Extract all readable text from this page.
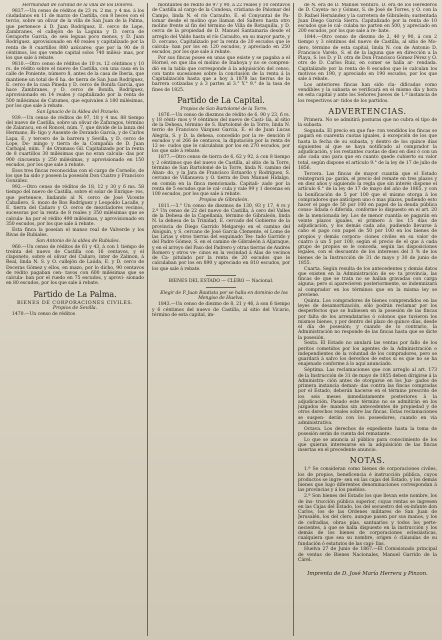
Hermandad de caridad de la villa de los Dolores.

9837.—Un censo de réditos de 23 rs. 2 ms. y 4 ms. á los ciudadanos en 11 de marzo de Castilla, con 8 heces con el tercio, sobre un olivar de la villa de San Juan de la Palma, que pertenece á D. Juan Rodríguez, E. cerco de Lepe, Zambranes, el callejón de la Laguna y D. cerca de Geraporte García, de seis leguas poco menos, y D. Juan Rodríguez, aprovisionado en 40 reales y capitalizado por la renta de 8 cuartillos 880 azúcares; que por la 90 de 8 céntimos, los que vende capital solos 740 milési- mas, por los que sale á rebate.

9810.—Otro censo de réditos de 10 rs. 12 céntimos y 10 rs. de rédito sobre el nuevo de Castilla, con una casa en la calle de Poniente, número 8, antes de la casa de Iberia, que mantiene un total de 6 ha. de tierra de San Juan Rodríguez, E. cerco de la casa Pineda y D. cerco de Bonifa García, que hace Zambranes, y D. cerco de Bonifa, Rodríguez, aprovisionado en 14 reales y capitalizado por la renta de 500 milésimas de Catumes, que equivalen á 180 milésimas, por los que sale á rebate.

San Ignacio de la Aldea del Pozuelo.

939.—Un censo de réditos de 97, 18 y 4 ms. 88 tiempo del nuevo de Castilla, sobre un olivar de Zafaragos, término de Zalaracu, en el Roncel, núm. 7, que divide de la lanza del Hermano, Bi- tigo y Ausente de Dorando García, y de Carlos Lapa, E. y tercero de la barrera y Sevilla, y D. cerco de Lope, Do- mingo y tierra de la Compañía de D. Juan Carbajal, núm. 7 de Oramaso Gil. Capitalizado por la renta de 8 cuartillos 30 milésimas que no eran calcula- das por 900 cincuenta y 250 milésimas, y aprovisionado en 150 escudos, por los que sale á rebate.

Esos tres fincas reconocidas con el cargo de Cornelio, de los que ha sido y poseen la posesión Don Cuatro y Francisco González.

992.—Otro censo de réditos de 18, 12 y 30 y 6 ms. 58 tiempo del nuevo de Castilla, sobre el solar de Enrique- ros, que pertenece, lindando al N. cerco de José Vicente Caballero, S. mozo de Ros Rodríguez y Leopoldo Lacalle, y E. tierra del Cañaro y O. cerco de mezcladores vecinos, sucesoras por la renta de 8 reales y 350 milésimas que se calcula- ba por el rédito 490 milésimas, y aprovisionado en 350 escudos, por los que sale á rebate.

Esta finca la poseían el manso real de Valverde y los Rivas de Rubiales.

San Antonio de la aldea de Rubiales.

960.—Un censo de réditos de 61 y 43, á con 1 tiempo de treinta del nuevo de Castilla con 16 centavos, y el claponeto, sobre el olivar del Cañaro, inter de Zalmon, á Real, linda N. S. y O. callejón de Laúda, E. y D. cerco de Doceras Gómez y ellos, en mazo, por lo dicho, 90 centavos de rédito pagaban cen- tavos con 600 milésimas que se calcula- ban por el ruedo en 75 escudos, y aprovi- sionado en 80 escudos, por los que sale á rebate.

Partido de La Palma.
BIENES DE CORPORACIONES CIVILES.
Propios de Sevilla.

1470.—Un censo de réditos

montantes de rédito de 97 y 90, á 22 reales y 10 centavos de Castilla al cargo de la Condesa, cristiana de Palomar del Campo, linda N. el río Caraulto, E. el Conyuntal de Pa- lomar desde el molino que llaman del Saltero hasta otro molino frente al fin del término de Villa de Rotaquilla, y D. cerca de la propiedad de D. Manuel Santamaria desde el arreglo del Valdo hasta el río Caraulto, en su mayor parte, y D. cercano, Capitalizado por la renta de 20 escudos que le calcula- ban por los en 120 escudos, y apreciado en 250 escudos, por los que sale á rebate.

Por sus fincas posee en unas que existe y se pagaba a el Hornel, en que iba el molino de Inahoya y no se compren- dió en la tabla que corresponde á la adquisición del censo, con tanto sucesiones sobre la conclusión de la renta á la Capitalización hasta que a hoy á 1878 las tierras de la barrera cotizadas y á 3 partes al 3.° Y.° 9.° de la tasa de fines de 1825.

Partido de La Capital.

Propios de San Bartolomé de la Torre.

1876.—Un censo de diezmos de rédito de 6, 90 y 23, 6 rs. y 18 cénti- mos y 9 céntimos del nuevo de Casti- lla, al sitio de la Dehesa, término de S. Bartolomé de la Torre, linda N. terrio de Francisco Vázquez García, E. el de Juan Lucas Alegría, S. y D. la dehesa, concedido por la re- dención 8 escudos y el 266 de centavos, la diputación por la renta de 12 es- cudos que le calculaban por los en 270 escudos, por los que sale á rebate.

1877.—Otro censo de tierra de 6, 62 y 92, á con 8 tiempo y 2 céntimos que del nuevo de Castilla, al sitio de la Torre, término de San Bartolomé de la Torre, linda N. camino del Aban- do, y la Jara de Francisco Estuardo y Rodríguez, S. cercano de Villanueva y O. tierra de Don Manuel Hidalgo, en común en la finca mencionada. Capitali- zado por la renta de 5 escudos que le cal- cula y vale 99 y 1 decenas en 100 escudos, por los que sale á rebate.

Propios de Gibraleón.

1811.—3.° Un censo de diezmos de 130, 93 y 17, 4 rs y 2.º Un censo de 22 del nuevo de Castilla, á cero del Valles de la Dehesa de la Capellanía, término de Gibraleón, linda N. la dehesa de la Trinidad, E. cercado del Gobierno de la provincia de Diego Garrido Melgarejo en el camino del Aloiguin, y S. cercano de José García Clemente, el Lome de las Lirias y otros tierras del esquinado Tes- tado Garrido y del Padre Gómez, S. en el camino de Gibraleón á Aljaraque, y en el arroyo del Paso del Padrero y otras tierras de Andrés Romero y otros ve- cinos en la vecindad á Alas de vecinos de Ca- pitulado por la renta de 20 escudos que le calculaban por los en 890 y apreciado en 810 escudos, por los que sale á rebate.

BIENES DEL ESTADO — CLERO — Nacional.

Elegir de P. Juan Bautista por se halla en dominio de los Mengiso de Huelva.

1843.—Un censo de diezmo de 8, 21 y 46, á son 6 tiempo y 6 céntimos del nuevo de Castilla, al sitio del Vicario, término de esta capital, im-

de N. era de D. Manuel Venturo, D. era de los Herederos de D. Cayeta- no y Gómez, S. de José de Torres, y O. con la D. Rafael Hernández y la carretera de Gibraleón; sustentada Juan Diego García Sierra. Capitalizado por la renta de 10 escudos que le cal- culaba no parten en 500, y apreciado en 200 escudos, por los que sale á re- bate.

1844.—Otro censo de diezmo de 2, 40 y 90, á con 2 tiempo y 3 céntimos del nuevo de Castilla, al sitio de Mo- dero, término de esta capital, linda N. con de Antonio D. Francisco Varelo, S. el de la laguna que en dirección a la Playa, S. los D. y D. otra de Don Francisco Gómez Pérez y O. otro de D. Carlos Ruiz, en comer se halla ar- rendada. Capitalizado por la renta de 8 escudos que le calculan los motivos en 190, y apreciado en 190 escudos, por los que sale á rebate.

Los anteriores fincas han sido cla- dificadas como vendibles y la subasta se verificará en el mismo día y hora en esta capital y ante los Señores Jueces de 1.ª instancia de los respectivos ar- tidos de los partidos.

ADVERTENCIAS.

Primera. No se admitirá posturas que no cubra el tipo de la subasta.

Segunda. El precio en que fue- ron vendidos los fincas se pagará en cuarenta cuotas iguales, á excepción de los que hasta la fecha de su subasta, y dentro de los quince días siguientes al que se haya notificado al comprador la adjudicación, y los restantes cuotas de diez en diez ó con un año cada uno para que en cuanto quede cubierto su valor total, según dispone el artículo 9.° de la ley de 17 de julio de 1856.

Tercera. Las fincas de mayor cuantía que el Estado reintegrará pa- garán, el precio del remate en tres plazos y en diez años y siguiendo la regla que sin interés dispone el artículo 6.° de la ley de 17 de mayo del año de 1865, y con la bonificación de 5 por 100 que el mismo otorga á los compradores que anticipen uno ó mas plazos, pudiendo esto hacer el pago de 50 por 100 en papel de la deuda pública conso- lidada ó diferida, conforme lo dispuesto en el art. 20 de la mencionada ley. Los de menor cuantía se pagarán en veinte plazos iguales, el primero á los 15 días de adjudicación, y los demás cada año, pudiendo llevarse á cabo el pago con papel de 50 por 100 en los bienes de propios y demás corpora- ciones civiles en su valor de cuatro á un 5 por 100, según el precio de el que á cada grupo de propios se le conceda, según las disposiciones legales, con el descuento de los intereses del 3 % de los bienes de la Instrucción de 31 de mayo y 30 de junio de 1855.

Cuarta. Según resulta de los antecedentes y demás datos que existen en la Administración de es- ta provincia, las fincas de que se trata no se hallan gravadas con carga alguna; pero si aparecieren posteriormente, se indemnizará al comprador en los términos que en la misma ley se previene.

Quinta. Los compradores de bienes comprendidos en las leyes de desamortización, sólo podrán reclamar por los desperfectos que se hubiesen en la posesión de las fincas por falta de los arrendatarios ó colonos que tuvieron los mismos bienes, y por dentro del plazo de quince días, desde el día de posesión; y cuando de lo contrario, la Administración no responde de las fincas hasta que se dicte la posesión.

Sexta. El Estado no anulará las ventas por fallo de los peritos cometidos por los agentes de la Administración o independientes de la voluntad de los compradores, pero se guardará á salvo los derechos de estos si es que no se ha enajenado conforme á lo aquí anunciado.

Séptima. Las reclamaciones que con arreglo al art. 173 de la Instrucción de 31 de mayo de 1855 deben dirigirse á la Administra- ción antes de otorgarse en los Juz- gados de primera instancia deman- das contra las fincas compradas por el Estado, deberán hacerse en el término prescrito de los seis meses inmediatamente posteriores á la adjudicación. Pasado este término no se admitirán en los juzgados de- mandas sin antecedentes de propiedad y de otros derechos reales sobre las fincas. Estas reclamaciones se suspen- derán con los poseedores, cuando en vía administrativa.

Octava. Los derechos de expediente hasta la toma de posesión serán de cuenta del rematante.

Lo que se anuncia al público para conocimiento de los que quieran interesarse en la adquisición de las fincas insertas en el precedente anuncio.

NOTAS.

1.ª Se consideran como bienes de corporaciones civiles, los de propios, beneficencia é instrucción pública, cuyos productos se ingre- sen en las cajas del Estado, y los demás bienes que bajo diferentes denominaciones correspondan á las provincias y á los pueblos.

2.ª Son bienes del Estado los que llevan este nombre, los de ins- trucción pública superior, cuyas rentas se ingresen en las Cajas del Estado, los del secuestro del ex-infante don Carlos, los de las Ordenes militares de San Juan de Jerusalén, los del clero, aunque pasen por sus manos, y los de cofradías, obras pías, santuarios y todos los perte- necientes, á que se halla dispuesto en la instrucción y los demás de los bienes de corporaciones eclesiásticas, cualquiera que sea su nombre, origen ó cláusulas de su fundación ó estatutos de las capi- llas.

Huelva 27 de Junio de 1867.—El Comisionado principal de ventas de Bienes Nacionales, Manuel Garrido de la Cárel.

Imprenta de D. José María Herrera y Pinzon.
